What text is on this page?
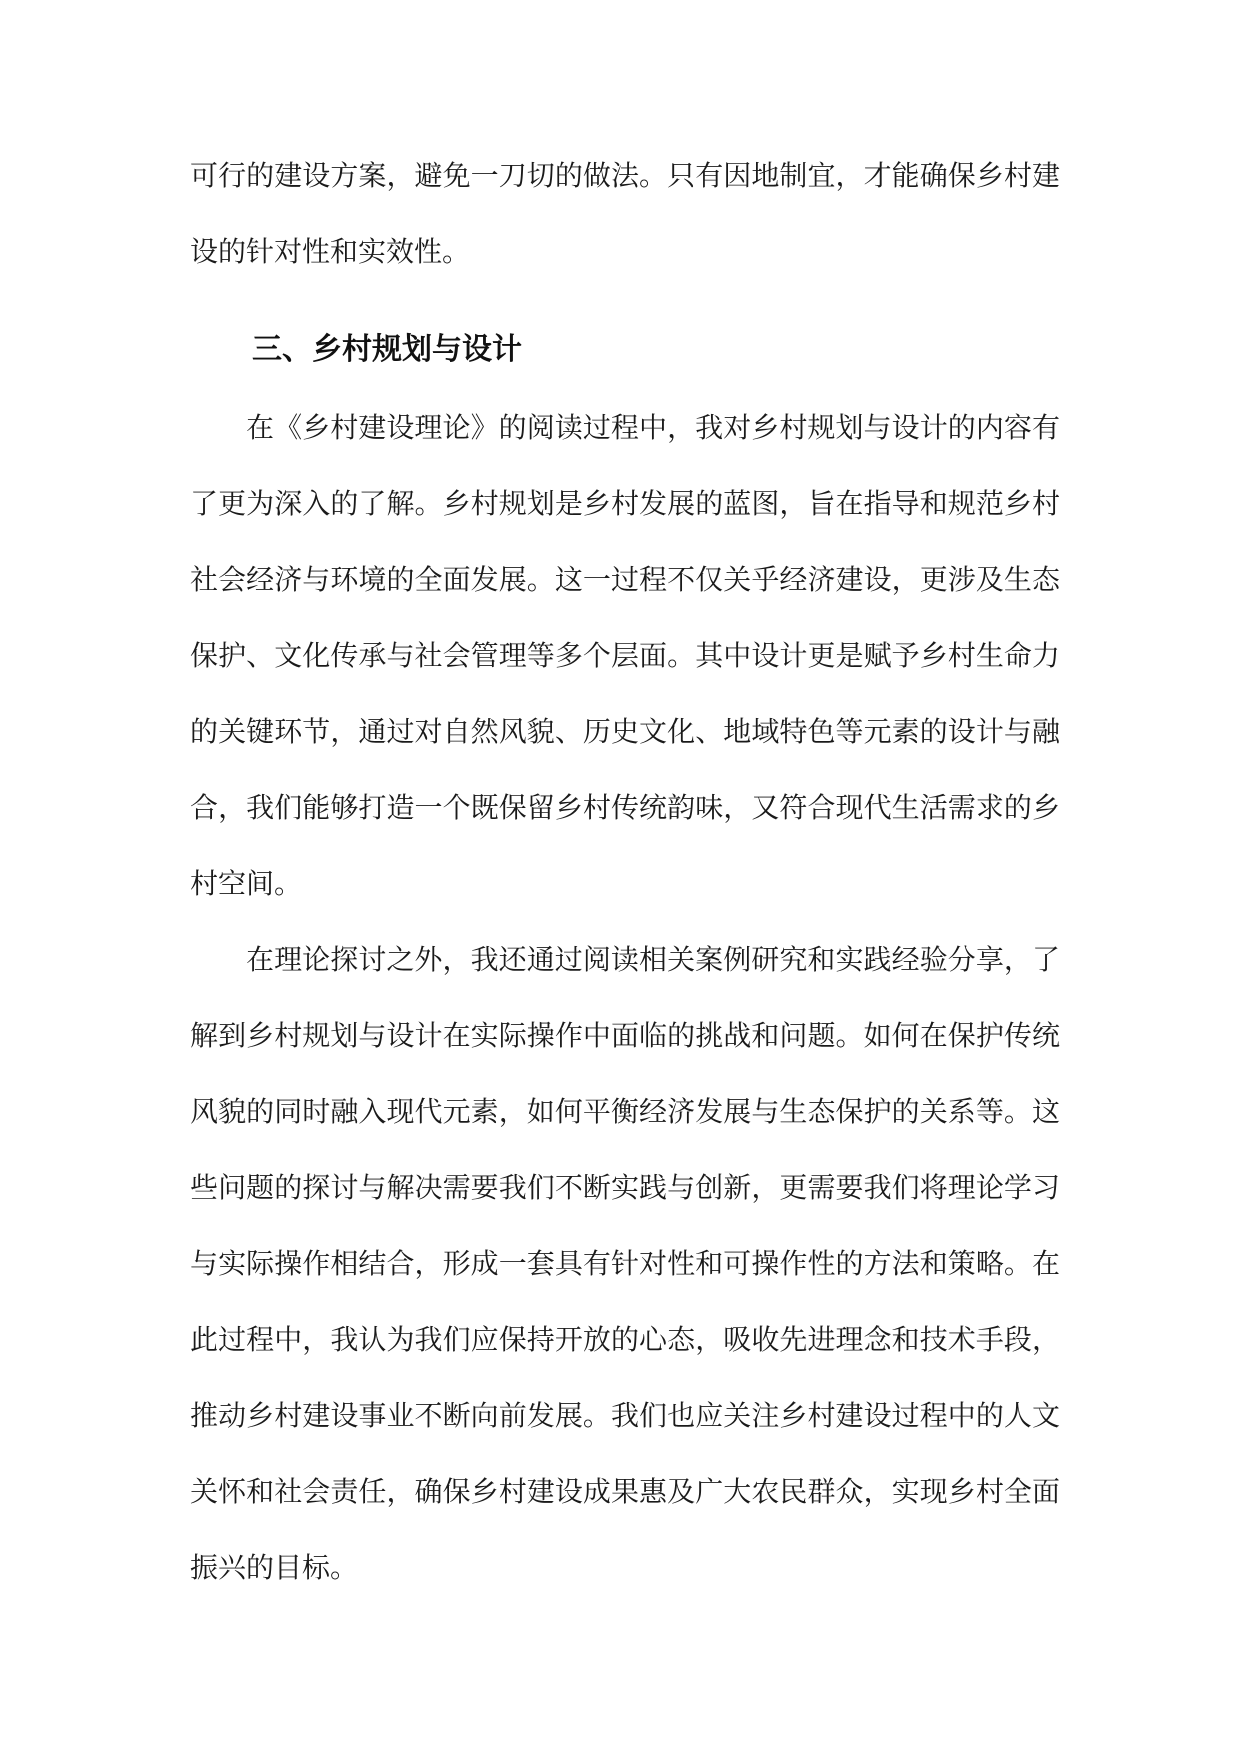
可行的建设方案，避免一刀切的做法。只有因地制宜，才能确保乡村建设的针对性和实效性。

三、乡村规划与设计

在《乡村建设理论》的阅读过程中，我对乡村规划与设计的内容有了更为深入的了解。乡村规划是乡村发展的蓝图，旨在指导和规范乡村社会经济与环境的全面发展。这一过程不仅关乎经济建设，更涉及生态保护、文化传承与社会管理等多个层面。其中设计更是赋予乡村生命力的关键环节，通过对自然风貌、历史文化、地域特色等元素的设计与融合，我们能够打造一个既保留乡村传统韵味，又符合现代生活需求的乡村空间。

在理论探讨之外，我还通过阅读相关案例研究和实践经验分享，了解到乡村规划与设计在实际操作中面临的挑战和问题。如何在保护传统风貌的同时融入现代元素，如何平衡经济发展与生态保护的关系等。这些问题的探讨与解决需要我们不断实践与创新，更需要我们将理论学习与实际操作相结合，形成一套具有针对性和可操作性的方法和策略。在此过程中，我认为我们应保持开放的心态，吸收先进理念和技术手段，推动乡村建设事业不断向前发展。我们也应关注乡村建设过程中的人文关怀和社会责任，确保乡村建设成果惠及广大农民群众，实现乡村全面振兴的目标。
